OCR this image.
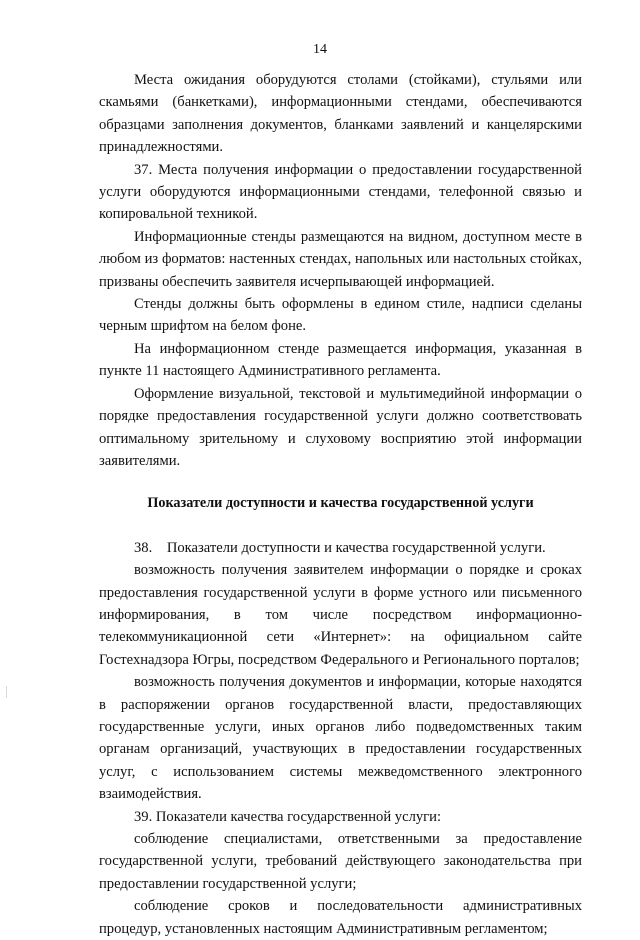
14

Места ожидания оборудуются столами (стойками), стульями или скамьями (банкетками), информационными стендами, обеспечиваются образцами заполнения документов, бланками заявлений и канцелярскими принадлежностями.

37. Места получения информации о предоставлении государственной услуги оборудуются информационными стендами, телефонной связью и копировальной техникой.

Информационные стенды размещаются на видном, доступном месте в любом из форматов: настенных стендах, напольных или настольных стойках, призваны обеспечить заявителя исчерпывающей информацией.

Стенды должны быть оформлены в едином стиле, надписи сделаны черным шрифтом на белом фоне.

На информационном стенде размещается информация, указанная в пункте 11 настоящего Административного регламента.

Оформление визуальной, текстовой и мультимедийной информации о порядке предоставления государственной услуги должно соответствовать оптимальному зрительному и слуховому восприятию этой информации заявителями.

Показатели доступности и качества государственной услуги

38.    Показатели доступности и качества государственной услуги.

возможность получения заявителем информации о порядке и сроках предоставления государственной услуги в форме устного или письменного информирования, в том числе посредством информационно-телекоммуникационной сети «Интернет»: на официальном сайте Гостехнадзора Югры, посредством Федерального и Регионального порталов;

возможность получения документов и информации, которые находятся в распоряжении органов государственной власти, предоставляющих государственные услуги, иных органов либо подведомственных таким органам организаций, участвующих в предоставлении государственных услуг, с использованием системы межведомственного электронного взаимодействия.

39. Показатели качества государственной услуги:

соблюдение специалистами, ответственными за предоставление государственной услуги, требований действующего законодательства при предоставлении государственной услуги;

соблюдение сроков и последовательности административных процедур, установленных настоящим Административным регламентом;
